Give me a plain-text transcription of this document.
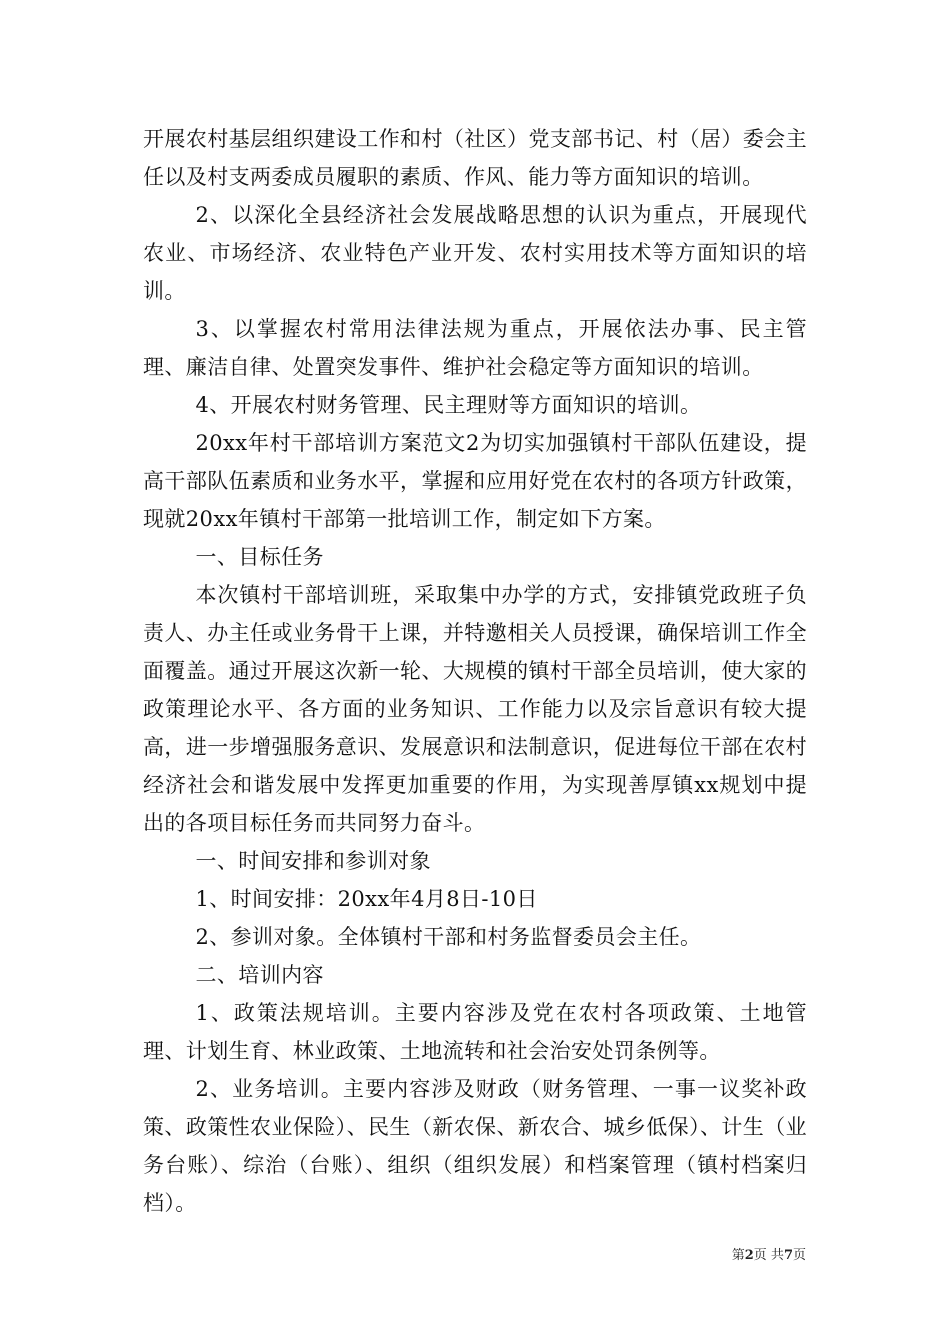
开展农村基层组织建设工作和村（社区）党支部书记、村（居）委会主任以及村支两委成员履职的素质、作风、能力等方面知识的培训。

2、以深化全县经济社会发展战略思想的认识为重点，开展现代农业、市场经济、农业特色产业开发、农村实用技术等方面知识的培训。

3、以掌握农村常用法律法规为重点，开展依法办事、民主管理、廉洁自律、处置突发事件、维护社会稳定等方面知识的培训。

4、开展农村财务管理、民主理财等方面知识的培训。

20xx年村干部培训方案范文2为切实加强镇村干部队伍建设，提高干部队伍素质和业务水平，掌握和应用好党在农村的各项方针政策，现就20xx年镇村干部第一批培训工作，制定如下方案。

一、目标任务

本次镇村干部培训班，采取集中办学的方式，安排镇党政班子负责人、办主任或业务骨干上课，并特邀相关人员授课，确保培训工作全面覆盖。通过开展这次新一轮、大规模的镇村干部全员培训，使大家的政策理论水平、各方面的业务知识、工作能力以及宗旨意识有较大提高，进一步增强服务意识、发展意识和法制意识，促进每位干部在农村经济社会和谐发展中发挥更加重要的作用，为实现善厚镇xx规划中提出的各项目标任务而共同努力奋斗。

一、时间安排和参训对象

1、时间安排：20xx年4月8日-10日

2、参训对象。全体镇村干部和村务监督委员会主任。

二、培训内容

1、政策法规培训。主要内容涉及党在农村各项政策、土地管理、计划生育、林业政策、土地流转和社会治安处罚条例等。

2、业务培训。主要内容涉及财政（财务管理、一事一议奖补政策、政策性农业保险）、民生（新农保、新农合、城乡低保）、计生（业务台账）、综治（台账）、组织（组织发展）和档案管理（镇村档案归档）。

第2页 共7页
